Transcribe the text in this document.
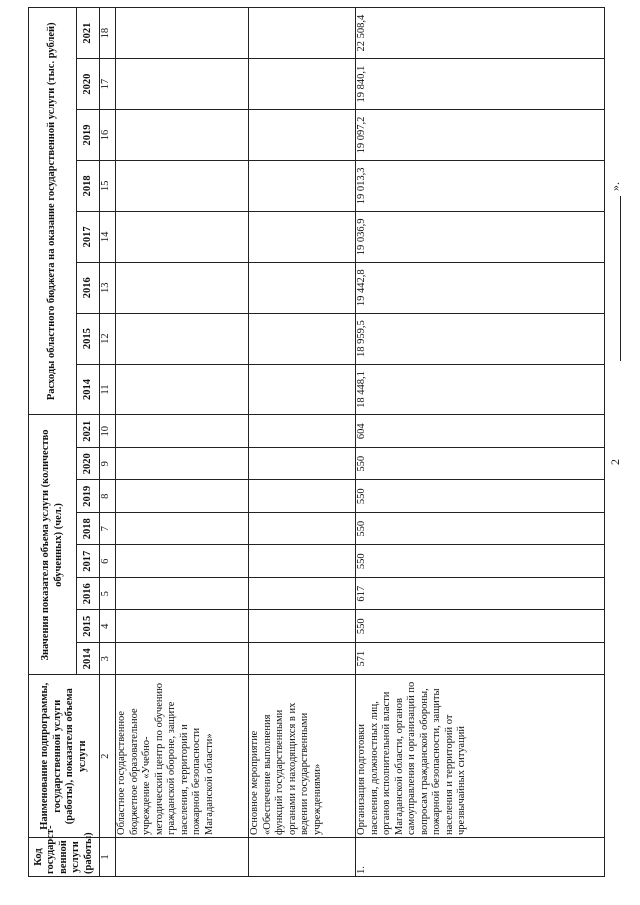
Код государст-венной услуги (работы)	Наименование подпрограммы, государственной услуги (работы), показателя объема услуги	Значения показателя объема услуги (количество обученных) (чел.)								Расходы областного бюджета на оказание государственной услуги (тыс. рублей)							
		2014	2015	2016	2017	2018	2019	2020	2021	2014	2015	2016	2017	2018	2019	2020	2021
1	2	3	4	5	6	7	8	9	10	11	12	13	14	15	16	17	18
	Областное государственное бюджетное образовательное учреждение «Учебно-методический центр по обучению гражданской обороне, защите населения, территорий и пожарной безопасности Магаданской области»																
	Основное мероприятие «Обеспечение выполнения функций государственными органами и находящихся в их ведении государственными учреждениями»																
1.	Организация подготовки населения, должностных лиц, органов исполнительной власти Магаданской области, органов самоуправления и организаций по вопросам гражданской обороны, пожарной безопасности, защиты населения и территорий от чрезвычайных ситуаций	571	550	617	550	550	550	550	604	18 448,1	18 959,5	19 442,8	19 036,9	19 013,3	19 097,2	19 840,1	22 508,4
2
».
